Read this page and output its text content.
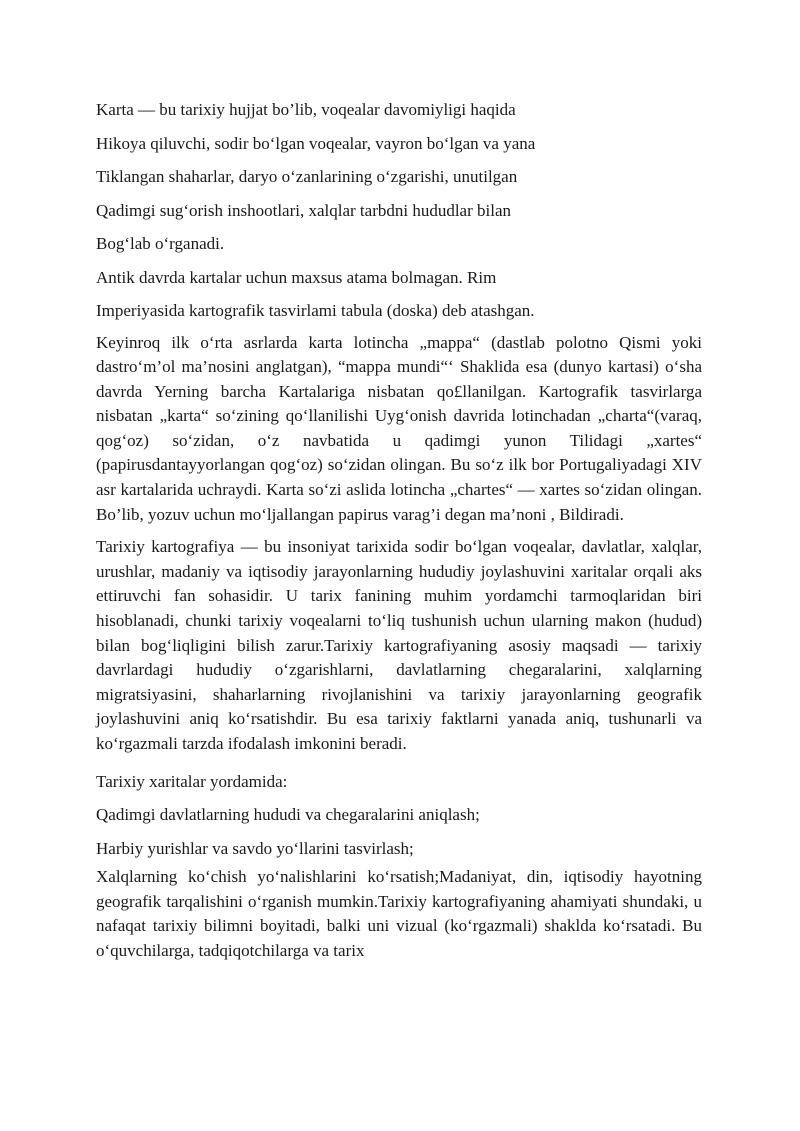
Karta — bu tarixiy hujjat bo’lib, voqealar davomiyligi haqida

Hikoya qiluvchi, sodir bo‘lgan voqealar, vayron bo‘lgan va yana

Tiklangan shaharlar, daryo o‘zanlarining o‘zgarishi, unutilgan

Qadimgi sug‘orish inshootlari, xalqlar tarbdni hududlar bilan

Bog‘lab o‘rganadi.

Antik davrda kartalar uchun maxsus atama bolmagan. Rim

Imperiyasida kartografik tasvirlami tabula (doska) deb atashgan.

Keyinroq ilk o‘rta asrlarda karta lotincha „mappa“ (dastlab polotno Qismi yoki dastro‘m’ol ma’nosini anglatgan), “mappa mundi“‘ Shaklida esa (dunyo kartasi) o‘sha davrda Yerning barcha Kartalariga nisbatan qo£llanilgan. Kartografik tasvirlarga nisbatan „karta“ so‘zining qo‘llanilishi Uyg‘onish davrida lotinchadan „charta“(varaq, qog‘oz) so‘zidan, o‘z navbatida u qadimgi yunon Tilidagi „xartes“ (papirusdantayyorlangan qog‘oz) so‘zidan olingan. Bu so‘z ilk bor Portugaliyadagi XIV asr kartalarida uchraydi. Karta so‘zi aslida lotincha „chartes“ — xartes so‘zidan olingan. Bo’lib, yozuv uchun mo‘ljallangan papirus varag’i degan ma’noni , Bildiradi.

Tarixiy kartografiya — bu insoniyat tarixida sodir bo‘lgan voqealar, davlatlar, xalqlar, urushlar, madaniy va iqtisodiy jarayonlarning hududiy joylashuvini xaritalar orqali aks ettiruvchi fan sohasidir. U tarix fanining muhim yordamchi tarmoqlaridan biri hisoblanadi, chunki tarixiy voqealarni to‘liq tushunish uchun ularning makon (hudud) bilan bog‘liqligini bilish zarur.Tarixiy kartografiyaning asosiy maqsadi — tarixiy davrlardagi hududiy o‘zgarishlarni, davlatlarning chegaralarini, xalqlarning migratsiyasini, shaharlarning rivojlanishini va tarixiy jarayonlarning geografik joylashuvini aniq ko‘rsatishdir. Bu esa tarixiy faktlarni yanada aniq, tushunarli va ko‘rgazmali tarzda ifodalash imkonini beradi.

Tarixiy xaritalar yordamida:

Qadimgi davlatlarning hududi va chegaralarini aniqlash;

Harbiy yurishlar va savdo yo‘llarini tasvirlash;

Xalqlarning ko‘chish yo‘nalishlarini ko‘rsatish;Madaniyat, din, iqtisodiy hayotning geografik tarqalishini o‘rganish mumkin.Tarixiy kartografiyaning ahamiyati shundaki, u nafaqat tarixiy bilimni boyitadi, balki uni vizual (ko‘rgazmali) shaklda ko‘rsatadi. Bu o‘quvchilarga, tadqiqotchilarga va tarix
